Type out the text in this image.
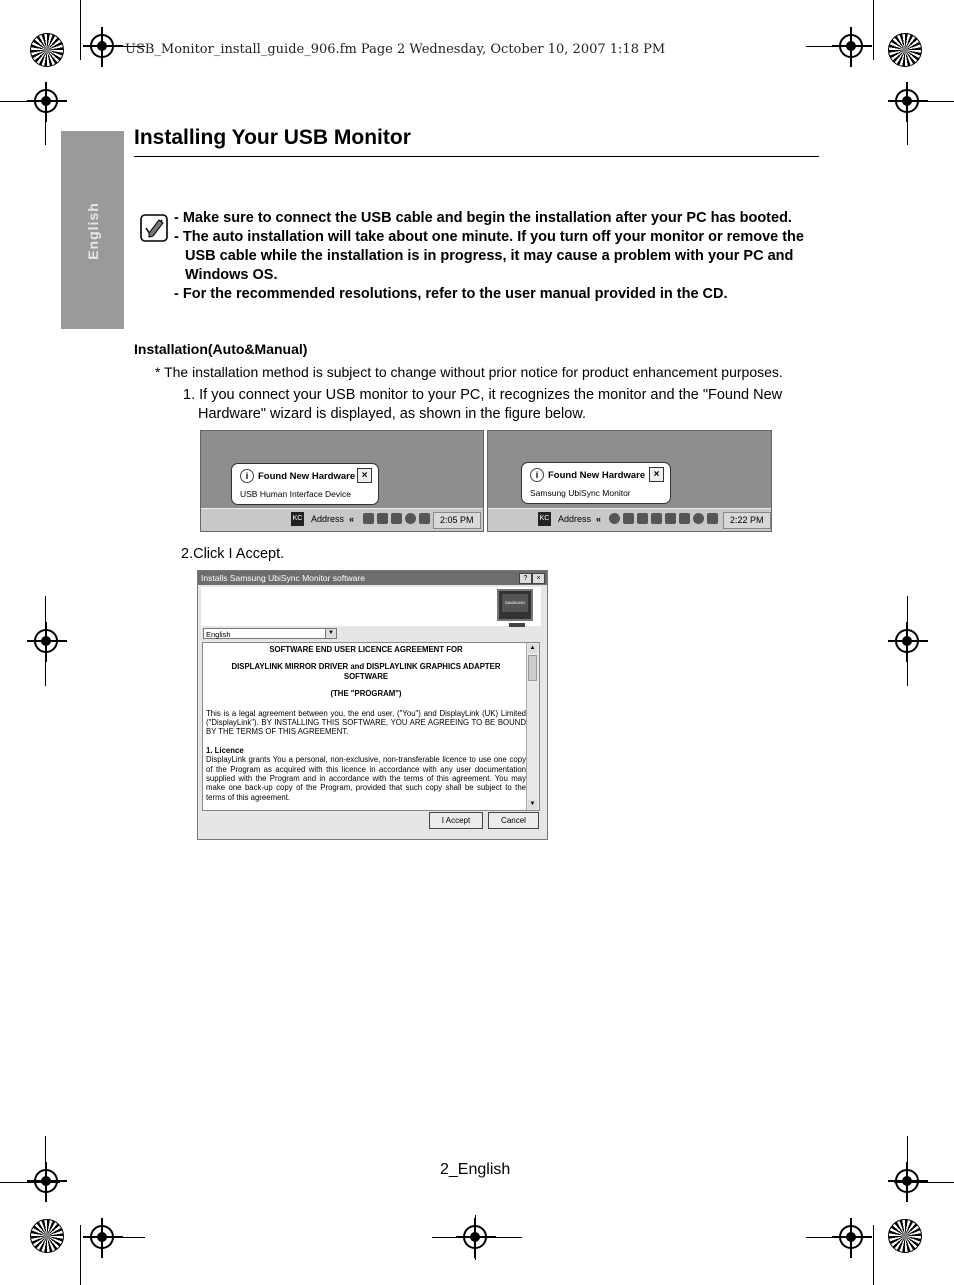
USB_Monitor_install_guide_906.fm Page 2 Wednesday, October 10, 2007 1:18 PM
English
Installing Your USB Monitor

- Make sure to connect the USB cable and begin the installation after your PC has booted.

- The auto installation will take about one minute. If you turn off your monitor or remove the USB cable while the installation is in progress, it may cause a problem with your PC and Windows OS.

- For the recommended resolutions, refer to the user manual provided in the CD.

Installation(Auto&Manual)
* The installation method is subject to change without prior notice for product enhancement purposes.
1. If you connect your USB monitor to your PC, it recognizes the monitor and the "Found New
Hardware" wizard is displayed, as shown in the figure below.
i	Found New Hardware ×
USB Human Interface Device
KC Address «	2:05 PM
i	Found New Hardware ×
Samsung UbiSync Monitor
KC Address «	2:22 PM
2.Click I Accept.
Installs Samsung UbiSync Monitor software	?	×
SAMSUNG
English	▼

SOFTWARE END USER LICENCE AGREEMENT FOR

DISPLAYLINK MIRROR DRIVER and DISPLAYLINK GRAPHICS ADAPTER SOFTWARE

(THE "PROGRAM")

This is a legal agreement between you, the end user, ("You") and DisplayLink (UK) Limited ("DisplayLink"). BY INSTALLING THIS SOFTWARE, YOU ARE AGREEING TO BE BOUND BY THE TERMS OF THIS AGREEMENT.

1. Licence

DisplayLink grants You a personal, non-exclusive, non-transferable licence to use one copy of the Program as acquired with this licence in accordance with any user documentation supplied with the Program and in accordance with the terms of this agreement. You may make one back-up copy of the Program, provided that such copy shall be subject to the terms of this agreement.

▲
▼
I Accept	Cancel
2_English
